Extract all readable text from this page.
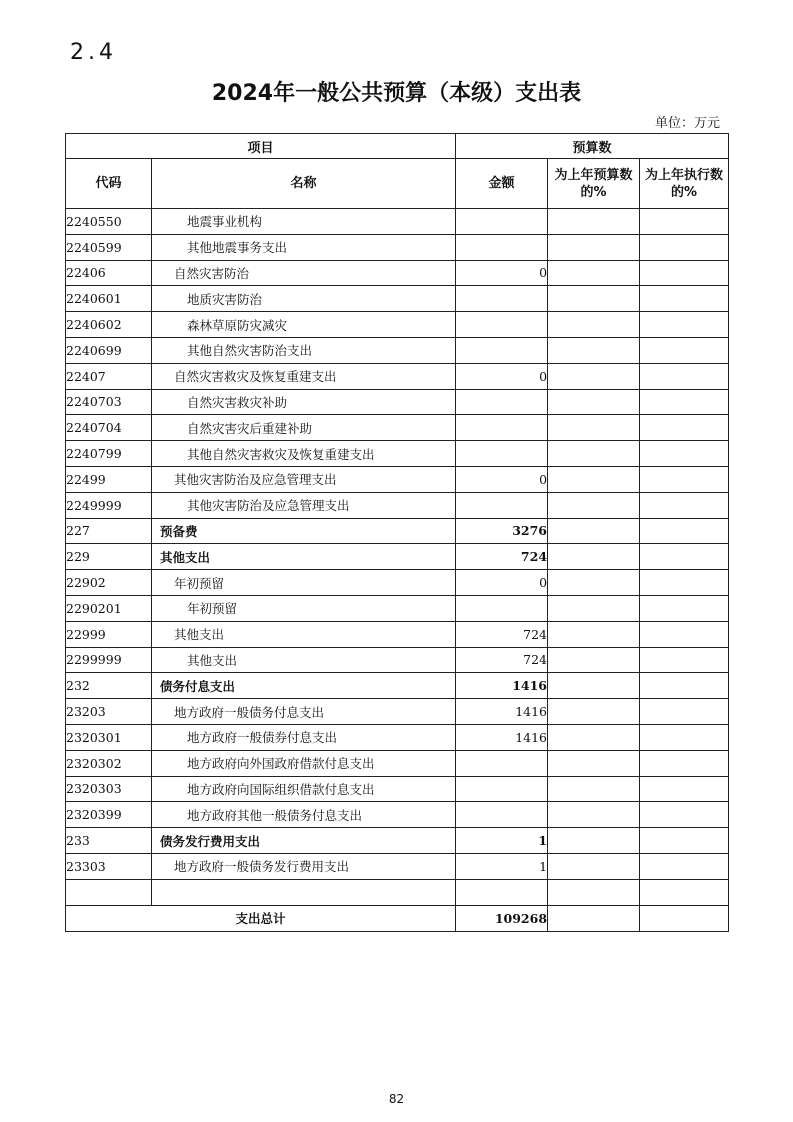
2.4
2024年一般公共预算（本级）支出表
单位：万元
项目		预算数		
代码	名称	金额	为上年预算数的%	为上年执行数的%
2240550	地震事业机构			
2240599	其他地震事务支出			
22406	自然灾害防治	0		
2240601	地质灾害防治			
2240602	森林草原防灾减灾			
2240699	其他自然灾害防治支出			
22407	自然灾害救灾及恢复重建支出	0		
2240703	自然灾害救灾补助			
2240704	自然灾害灾后重建补助			
2240799	其他自然灾害救灾及恢复重建支出			
22499	其他灾害防治及应急管理支出	0		
2249999	其他灾害防治及应急管理支出			
227	预备费	3276		
229	其他支出	724		
22902	年初预留	0		
2290201	年初预留			
22999	其他支出	724		
2299999	其他支出	724		
232	债务付息支出	1416		
23203	地方政府一般债务付息支出	1416		
2320301	地方政府一般债券付息支出	1416		
2320302	地方政府向外国政府借款付息支出			
2320303	地方政府向国际组织借款付息支出			
2320399	地方政府其他一般债务付息支出			
233	债务发行费用支出	1		
23303	地方政府一般债务发行费用支出	1		

支出总计		109268		
82
